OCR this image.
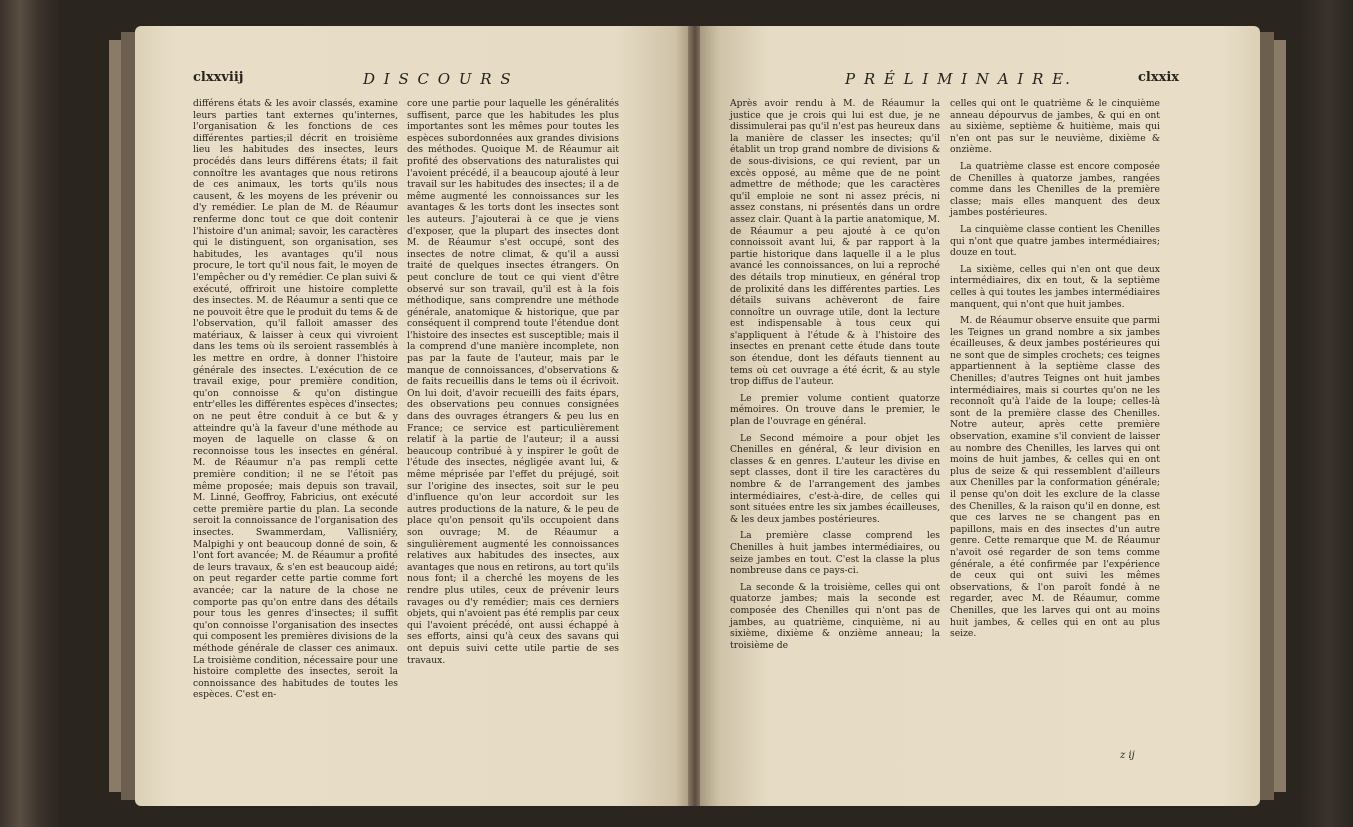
clxxviij	D I S C O U R S

différens états & les avoir classés, examine leurs parties tant externes qu'internes, l'organisation & les fonctions de ces différentes parties;il décrit en troisième lieu les habitudes des insectes, leurs procédés dans leurs différens états; il fait connoître les avantages que nous retirons de ces animaux, les torts qu'ils nous causent, & les moyens de les prévenir ou d'y remédier. Le plan de M. de Réaumur renferme donc tout ce que doit contenir l'histoire d'un animal; savoir, les caractères qui le distinguent, son organisation, ses habitudes, les avantages qu'il nous procure, le tort qu'il nous fait, le moyen de l'empêcher ou d'y remédier. Ce plan suivi & exécuté, offriroit une histoire complette des insectes. M. de Réaumur a senti que ce ne pouvoit être que le produit du tems & de l'observation, qu'il falloit amasser des matériaux, & laisser à ceux qui vivroient dans les tems où ils seroient rassemblés à les mettre en ordre, à donner l'histoire générale des insectes. L'exécution de ce travail exige, pour première condition, qu'on connoisse & qu'on distingue entr'elles les différentes espèces d'insectes; on ne peut être conduit à ce but & y atteindre qu'à la faveur d'une méthode au moyen de laquelle on classe & on reconnoisse tous les insectes en général. M. de Réaumur n'a pas rempli cette première condition; il ne se l'étoit pas même proposée; mais depuis son travail, M. Linné, Geoffroy, Fabricius, ont exécuté cette première partie du plan. La seconde seroit la connoissance de l'organisation des insectes. Swammerdam, Vallisniéry, Malpighi y ont beaucoup donné de soin, & l'ont fort avancée; M. de Réaumur a profité de leurs travaux, & s'en est beaucoup aidé; on peut regarder cette partie comme fort avancée; car la nature de la chose ne comporte pas qu'on entre dans des détails pour tous les genres d'insectes; il suffit qu'on connoisse l'organisation des insectes qui composent les premières divisions de la méthode générale de classer ces animaux. La troisième condition, nécessaire pour une histoire complette des insectes, seroit la connoissance des habitudes de toutes les espèces. C'est en-

core une partie pour laquelle les généralités suffisent, parce que les habitudes les plus importantes sont les mêmes pour toutes les espèces subordonnées aux grandes divisions des méthodes. Quoique M. de Réaumur ait profité des observations des naturalistes qui l'avoient précédé, il a beaucoup ajouté à leur travail sur les habitudes des insectes; il a de même augmenté les connoissances sur les avantages & les torts dont les insectes sont les auteurs. J'ajouterai à ce que je viens d'exposer, que la plupart des insectes dont M. de Réaumur s'est occupé, sont des insectes de notre climat, & qu'il a aussi traité de quelques insectes étrangers. On peut conclure de tout ce qui vient d'être observé sur son travail, qu'il est à la fois méthodique, sans comprendre une méthode générale, anatomique & historique, que par conséquent il comprend toute l'étendue dont l'histoire des insectes est susceptible; mais il la comprend d'une manière incomplete, non pas par la faute de l'auteur, mais par le manque de connoissances, d'observations & de faits recueillis dans le tems où il écrivoit. On lui doit, d'avoir recueilli des faits épars, des observations peu connues consignées dans des ouvrages étrangers & peu lus en France; ce service est particulièrement relatif à la partie de l'auteur; il a aussi beaucoup contribué à y inspirer le goût de l'étude des insectes, négligée avant lui, & même méprisée par l'effet du préjugé, soit sur l'origine des insectes, soit sur le peu d'influence qu'on leur accordoit sur les autres productions de la nature, & le peu de place qu'on pensoit qu'ils occupoient dans son ouvrage; M. de Réaumur a singulièrement augmenté les connoissances relatives aux habitudes des insectes, aux avantages que nous en retirons, au tort qu'ils nous font; il a cherché les moyens de les rendre plus utiles, ceux de prévenir leurs ravages ou d'y remédier; mais ces derniers objets, qui n'avoient pas été remplis par ceux qui l'avoient précédé, ont aussi échappé à ses efforts, ainsi qu'à ceux des savans qui ont depuis suivi cette utile partie de ses travaux.

P R É L I M I N A I R E.	clxxix

Après avoir rendu à M. de Réaumur la justice que je crois qui lui est due, je ne dissimulerai pas qu'il n'est pas heureux dans la manière de classer les insectes; qu'il établit un trop grand nombre de divisions & de sous-divisions, ce qui revient, par un excès opposé, au même que de ne point admettre de méthode; que les caractères qu'il emploie ne sont ni assez précis, ni assez constans, ni présentés dans un ordre assez clair. Quant à la partie anatomique, M. de Réaumur a peu ajouté à ce qu'on connoissoit avant lui, & par rapport à la partie historique dans laquelle il a le plus avancé les connoissances, on lui a reproché des détails trop minutieux, en général trop de prolixité dans les différentes parties. Les détails suivans achèveront de faire connoître un ouvrage utile, dont la lecture est indispensable à tous ceux qui s'appliquent à l'étude & à l'histoire des insectes en prenant cette étude dans toute son étendue, dont les défauts tiennent au tems où cet ouvrage a été écrit, & au style trop diffus de l'auteur.

Le premier volume contient quatorze mémoires. On trouve dans le premier, le plan de l'ouvrage en général.

Le Second mémoire a pour objet les Chenilles en général, & leur division en classes & en genres. L'auteur les divise en sept classes, dont il tire les caractères du nombre & de l'arrangement des jambes intermédiaires, c'est-à-dire, de celles qui sont situées entre les six jambes écailleuses, & les deux jambes postérieures.

La première classe comprend les Chenilles à huit jambes intermédiaires, ou seize jambes en tout. C'est la classe la plus nombreuse dans ce pays-ci.

La seconde & la troisième, celles qui ont quatorze jambes; mais la seconde est composée des Chenilles qui n'ont pas de jambes, au quatrième, cinquième, ni au sixième, dixième & onzième anneau; la troisième de

celles qui ont le quatrième & le cinquième anneau dépourvus de jambes, & qui en ont au sixième, septième & huitième, mais qui n'en ont pas sur le neuvième, dixième & onzième.

La quatrième classe est encore composée de Chenilles à quatorze jambes, rangées comme dans les Chenilles de la première classe; mais elles manquent des deux jambes postérieures.

La cinquième classe contient les Chenilles qui n'ont que quatre jambes intermédiaires; douze en tout.

La sixième, celles qui n'en ont que deux intermédiaires, dix en tout, & la septième celles à qui toutes les jambes intermédiaires manquent, qui n'ont que huit jambes.

M. de Réaumur observe ensuite que parmi les Teignes un grand nombre a six jambes écailleuses, & deux jambes postérieures qui ne sont que de simples crochets; ces teignes appartiennent à la septième classe des Chenilles; d'autres Teignes ont huit jambes intermédiaires, mais si courtes qu'on ne les reconnoît qu'à l'aide de la loupe; celles-là sont de la première classe des Chenilles. Notre auteur, après cette première observation, examine s'il convient de laisser au nombre des Chenilles, les larves qui ont moins de huit jambes, & celles qui en ont plus de seize & qui ressemblent d'ailleurs aux Chenilles par la conformation générale; il pense qu'on doit les exclure de la classe des Chenilles, & la raison qu'il en donne, est que ces larves ne se changent pas en papillons, mais en des insectes d'un autre genre. Cette remarque que M. de Réaumur n'avoit osé regarder de son tems comme générale, a été confirmée par l'expérience de ceux qui ont suivi les mêmes observations, & l'on paroît fondé à ne regarder, avec M. de Réaumur, comme Chenilles, que les larves qui ont au moins huit jambes, & celles qui en ont au plus seize.

z ij
